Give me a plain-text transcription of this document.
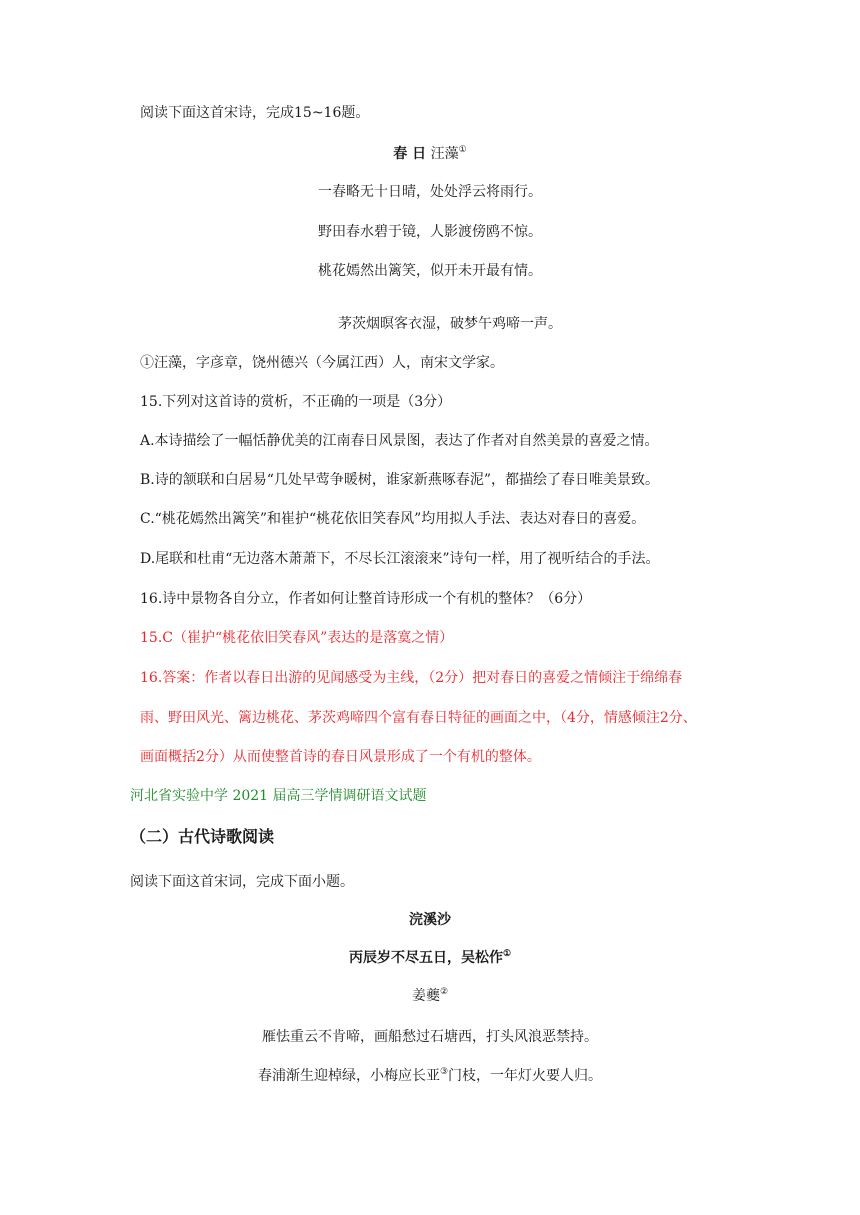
阅读下面这首宋诗，完成15~16题。
春 日 汪藻①
一春略无十日晴，处处浮云将雨行。
野田春水碧于镜，人影渡傍鸥不惊。
桃花嫣然出篱笑，似开未开最有情。
茅茨烟暝客衣湿，破梦午鸡啼一声。
①汪藻，字彦章，饶州德兴（今属江西）人，南宋文学家。
15.下列对这首诗的赏析，不正确的一项是（3分）
A.本诗描绘了一幅恬静优美的江南春日风景图，表达了作者对自然美景的喜爱之情。
B.诗的颔联和白居易“几处早莺争暖树，谁家新燕啄春泥”，都描绘了春日唯美景致。
C.“桃花嫣然出篱笑”和崔护“桃花依旧笑春风”均用拟人手法、表达对春日的喜爱。
D.尾联和杜甫“无边落木萧萧下，不尽长江滚滚来”诗句一样，用了视听结合的手法。
16.诗中景物各自分立，作者如何让整首诗形成一个有机的整体？（6分）
15.C（崔护“桃花依旧笑春风”表达的是落寞之情）
16.答案：作者以春日出游的见闻感受为主线，（2分）把对春日的喜爱之情倾注于绵绵春
雨、野田风光、篱边桃花、茅茨鸡啼四个富有春日特征的画面之中，（4分，情感倾注2分、
画面概括2分）从而使整首诗的春日风景形成了一个有机的整体。
河北省实验中学 2021 届高三学情调研语文试题
（二）古代诗歌阅读
阅读下面这首宋词，完成下面小题。
浣溪沙
丙辰岁不尽五日，吴松作①
姜夔②
雁怯重云不肯啼，画船愁过石塘西，打头风浪恶禁持。
春浦渐生迎棹绿，小梅应长亚③门枝，一年灯火要人归。
